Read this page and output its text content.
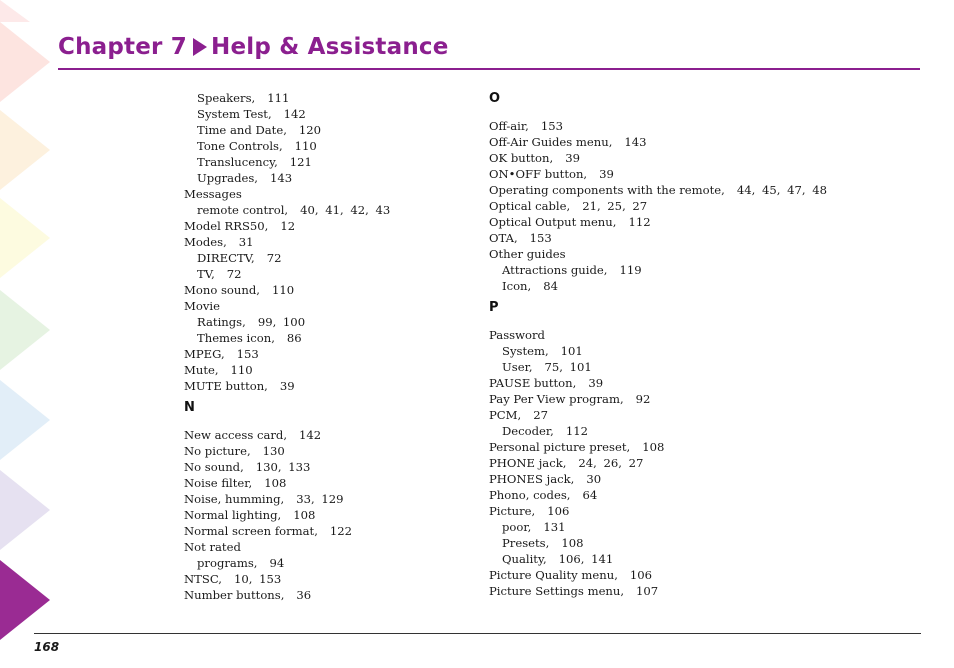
Chapter 7 Help & Assistance
Speakers, 111
System Test, 142
Time and Date, 120
Tone Controls, 110
Translucency, 121
Upgrades, 143
Messages
remote control, 40, 41, 42, 43
Model RRS50, 12
Modes, 31
DIRECTV, 72
TV, 72
Mono sound, 110
Movie
Ratings, 99, 100
Themes icon, 86
MPEG, 153
Mute, 110
MUTE button, 39
N
New access card, 142
No picture, 130
No sound, 130, 133
Noise filter, 108
Noise, humming, 33, 129
Normal lighting, 108
Normal screen format, 122
Not rated
programs, 94
NTSC, 10, 153
Number buttons, 36
O
Off-air, 153
Off-Air Guides menu, 143
OK button, 39
ON•OFF button, 39
Operating components with the remote, 44, 45, 47, 48
Optical cable, 21, 25, 27
Optical Output menu, 112
OTA, 153
Other guides
Attractions guide, 119
Icon, 84
P
Password
System, 101
User, 75, 101
PAUSE button, 39
Pay Per View program, 92
PCM, 27
Decoder, 112
Personal picture preset, 108
PHONE jack, 24, 26, 27
PHONES jack, 30
Phono, codes, 64
Picture, 106
poor, 131
Presets, 108
Quality, 106, 141
Picture Quality menu, 106
Picture Settings menu, 107
168
